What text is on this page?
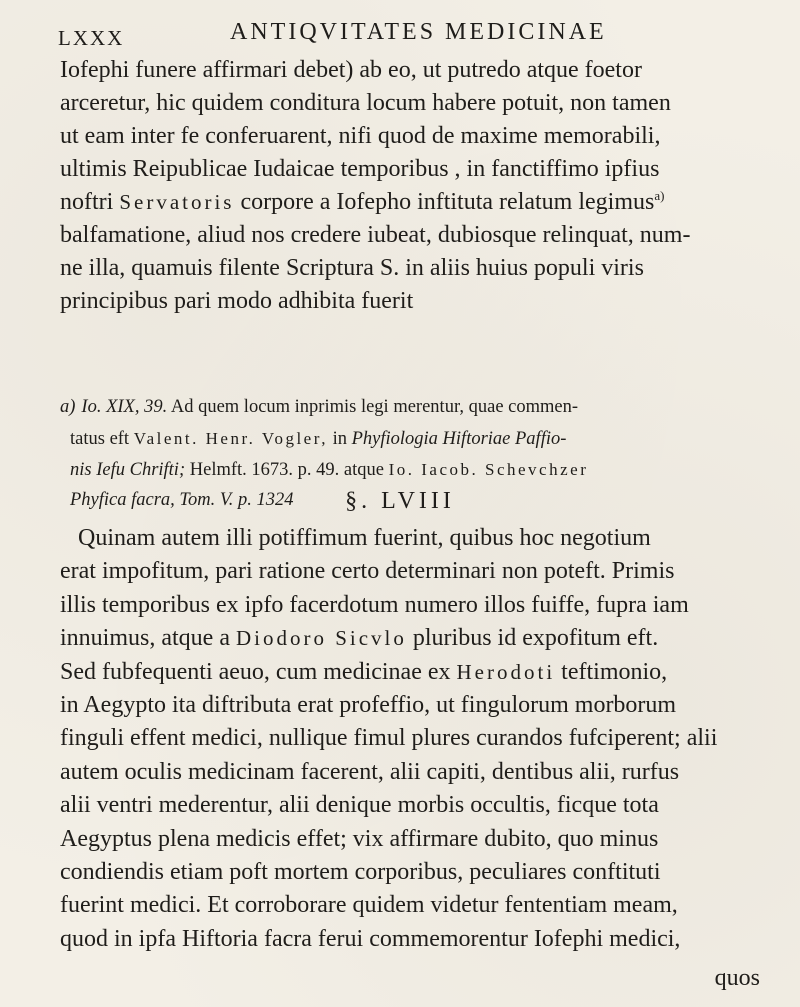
LXXX	ANTIQVITATES MEDICINAE
Iofephi funere affirmari debet) ab eo, ut putredo atque foetor
arceretur, hic quidem conditura locum habere potuit, non tamen
ut eam inter fe conferuarent, nifi quod de maxime memorabili,
ultimis Reipublicae Iudaicae temporibus , in fanctiffimo ipfius
noftri Servatoris corpore a Iofepho inftituta relatum legimus$^{a)}$
balfamatione, aliud nos credere iubeat, dubiosque relinquat, num-
ne illa, quamuis filente Scriptura S. in aliis huius populi viris
principibus pari modo adhibita fuerit
a) Io. XIX, 39. Ad quem locum inprimis legi merentur, quae commen-
tatus eft Valent. Henr. Vogler, in Phyfiologia Hiftoriae Paffio-
nis Iefu Chrifti; Helmft. 1673. p. 49. atque Io. Iacob. Schevchzer
Phyfica facra, Tom. V. p. 1324	§. LVIII
Quinam autem illi potiffimum fuerint, quibus hoc negotium
erat impofitum, pari ratione certo determinari non poteft. Primis
illis temporibus ex ipfo facerdotum numero illos fuiffe, fupra iam
innuimus, atque a Diodoro Sicvlo pluribus id expofitum eft.
Sed fubfequenti aeuo, cum medicinae ex Herodoti teftimonio,
in Aegypto ita diftributa erat profeffio, ut fingulorum morborum
finguli effent medici, nullique fimul plures curandos fufciperent; alii
autem oculis medicinam facerent, alii capiti, dentibus alii, rurfus
alii ventri mederentur, alii denique morbis occultis, ficque tota
Aegyptus plena medicis effet; vix affirmare dubito, quo minus
condiendis etiam poft mortem corporibus, peculiares conftituti
fuerint medici. Et corroborare quidem videtur fententiam meam,
quod in ipfa Hiftoria facra ferui commemorentur Iofephi medici,
quos
